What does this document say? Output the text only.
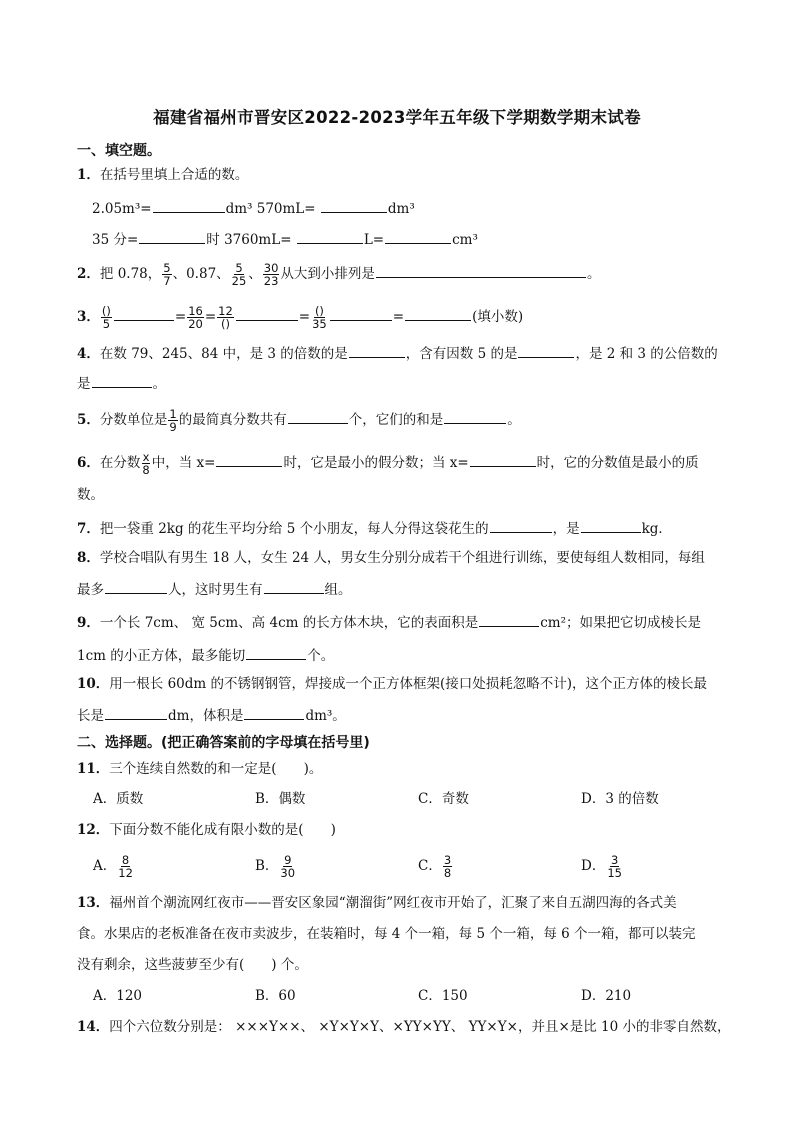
福建省福州市晋安区2022-2023学年五年级下学期数学期末试卷
一、填空题。
1．在括号里填上合适的数。
2.05m³=	dm³ 570mL=	dm³
35 分=	时 3760mL=	L=	cm³
2．把 0.78， $\frac{5}{7}$ 、0.87、 $\frac{5}{25}$ 、 $\frac{30}{23}$ 从大到小排列是	。
3． $\frac{()}{5}$	= $\frac{16}{20} = \frac{12}{()}$	= $\frac{()}{35}$	=	(填小数)
4．在数 79、245、84 中，是 3 的倍数的是	，含有因数 5 的是	，是 2 和 3 的公倍数的
是	。
5．分数单位是 $\frac{1}{9}$ 的最简真分数共有	个，它们的和是	。
6．在分数 $\frac{x}{8}$ 中，当 x=	时，它是最小的假分数；当 x=	时，它的分数值是最小的质
数。
7．把一袋重 2kg 的花生平均分给 5 个小朋友，每人分得这袋花生的	，是	kg．
8．学校合唱队有男生 18 人，女生 24 人，男女生分别分成若干个组进行训练，要使每组人数相同，每组
最多	人，这时男生有	组。
9．一个长 7cm、 宽 5cm、高 4cm 的长方体木块，它的表面积是	cm²；如果把它切成棱长是
1cm 的小正方体，最多能切	个。
10．用一根长 60dm 的不锈钢钢管，焊接成一个正方体框架(接口处损耗忽略不计)，这个正方体的棱长最
长是	dm，体积是	dm³。
二、选择题。(把正确答案前的字母填在括号里)
11．三个连续自然数的和一定是(　　)。
A．质数	B．偶数	C．奇数	D．3 的倍数
12．下面分数不能化成有限小数的是(　　)
A． $\frac{8}{12}$	B． $\frac{9}{30}$	C． $\frac{3}{8}$	D． $\frac{3}{15}$
13．福州首个潮流网红夜市——晋安区象园“潮溜街”网红夜市开始了，汇聚了来自五湖四海的各式美
食。水果店的老板准备在夜市卖波步，在装箱时，每 4 个一箱，每 5 个一箱，每 6 个一箱，都可以装完
没有剩余，这些菠萝至少有(　　) 个。
A．120	B．60	C．150	D．210
14．四个六位数分别是： ×××Y××、 ×Y×Y×Y、×YY×YY、 YY×Y×，并且×是比 10 小的非零自然数，
